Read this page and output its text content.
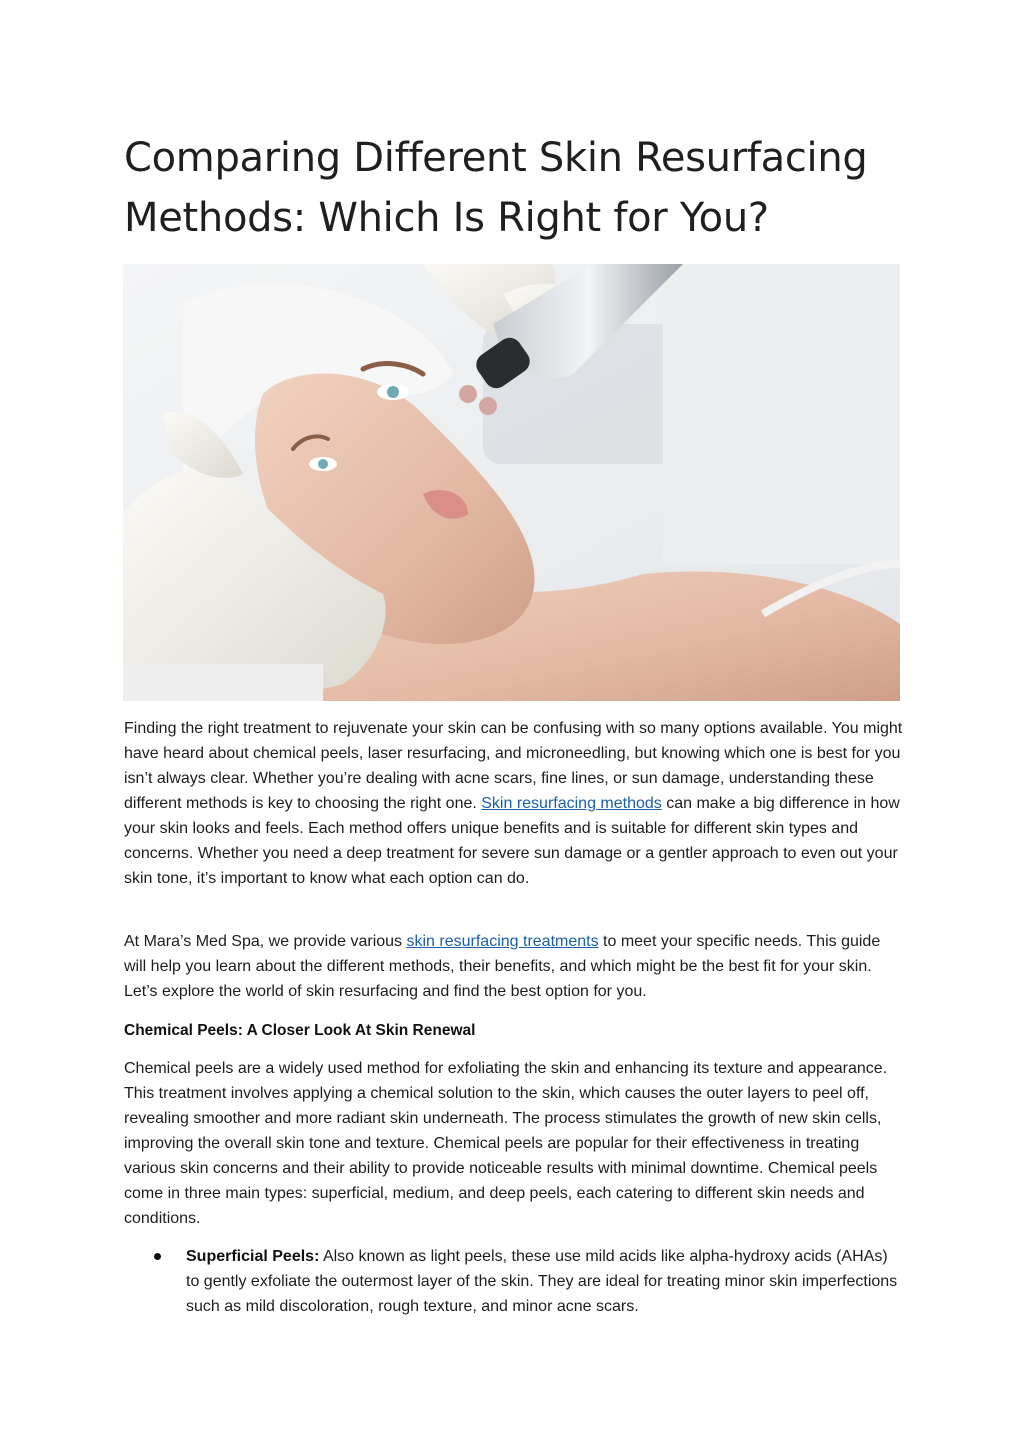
Comparing Different Skin Resurfacing Methods: Which Is Right for You?

Finding the right treatment to rejuvenate your skin can be confusing with so many options available. You might have heard about chemical peels, laser resurfacing, and microneedling, but knowing which one is best for you isn’t always clear. Whether you’re dealing with acne scars, fine lines, or sun damage, understanding these different methods is key to choosing the right one. Skin resurfacing methods can make a big difference in how your skin looks and feels. Each method offers unique benefits and is suitable for different skin types and concerns. Whether you need a deep treatment for severe sun damage or a gentler approach to even out your skin tone, it’s important to know what each option can do.

At Mara’s Med Spa, we provide various skin resurfacing treatments to meet your specific needs. This guide will help you learn about the different methods, their benefits, and which might be the best fit for your skin. Let’s explore the world of skin resurfacing and find the best option for you.

Chemical Peels: A Closer Look At Skin Renewal

Chemical peels are a widely used method for exfoliating the skin and enhancing its texture and appearance. This treatment involves applying a chemical solution to the skin, which causes the outer layers to peel off, revealing smoother and more radiant skin underneath. The process stimulates the growth of new skin cells, improving the overall skin tone and texture. Chemical peels are popular for their effectiveness in treating various skin concerns and their ability to provide noticeable results with minimal downtime. Chemical peels come in three main types: superficial, medium, and deep peels, each catering to different skin needs and conditions.

Superficial Peels: Also known as light peels, these use mild acids like alpha-hydroxy acids (AHAs) to gently exfoliate the outermost layer of the skin. They are ideal for treating minor skin imperfections such as mild discoloration, rough texture, and minor acne scars.
